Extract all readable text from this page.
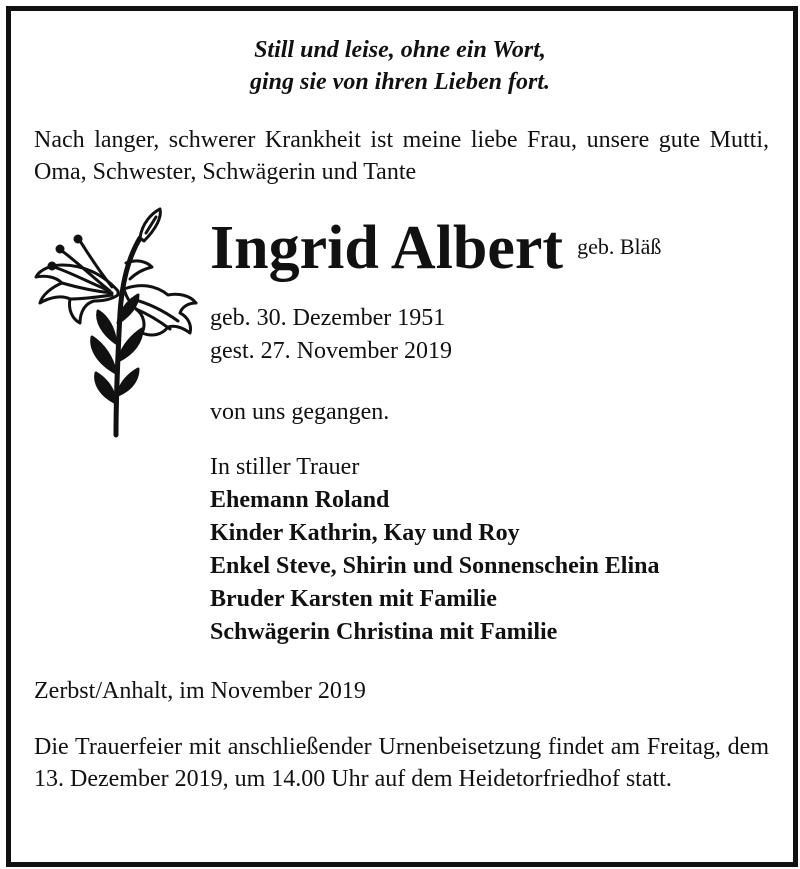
Still und leise, ohne ein Wort,
ging sie von ihren Lieben fort.
Nach langer, schwerer Krankheit ist meine liebe Frau, unsere gute Mutti, Oma, Schwester, Schwägerin und Tante
Ingrid Albert geb. Bläß
geb. 30. Dezember 1951
gest. 27. November 2019
von uns gegangen.
In stiller Trauer
Ehemann Roland
Kinder Kathrin, Kay und Roy
Enkel Steve, Shirin und Sonnenschein Elina
Bruder Karsten mit Familie
Schwägerin Christina mit Familie
Zerbst/Anhalt, im November 2019
Die Trauerfeier mit anschließender Urnenbeisetzung findet am Freitag, dem 13. Dezember 2019, um 14.00 Uhr auf dem Heidetorfriedhof statt.
